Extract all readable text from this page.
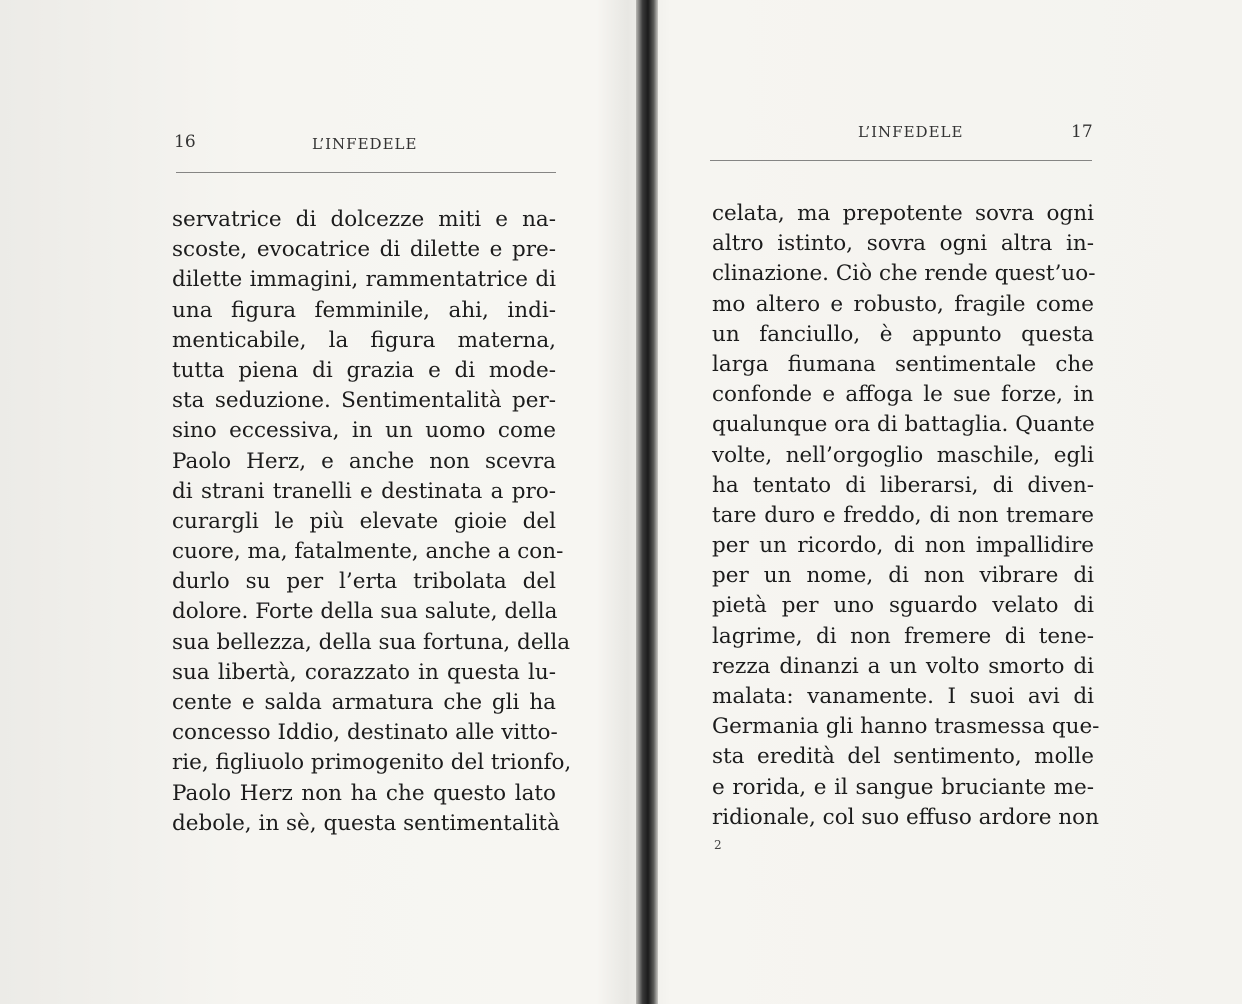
16	L’INFEDELE
servatrice di dolcezze miti e na-
scoste, evocatrice di dilette e pre-
dilette immagini, rammentatrice di
una figura femminile, ahi, indi-
menticabile, la figura materna,
tutta piena di grazia e di mode-
sta seduzione. Sentimentalità per-
sino eccessiva, in un uomo come
Paolo Herz, e anche non scevra
di strani tranelli e destinata a pro-
curargli le più elevate gioie del
cuore, ma, fatalmente, anche a con-
durlo su per l’erta tribolata del
dolore. Forte della sua salute, della
sua bellezza, della sua fortuna, della
sua libertà, corazzato in questa lu-
cente e salda armatura che gli ha
concesso Iddio, destinato alle vitto-
rie, figliuolo primogenito del trionfo,
Paolo Herz non ha che questo lato
debole, in sè, questa sentimentalità
L’INFEDELE	17
celata, ma prepotente sovra ogni
altro istinto, sovra ogni altra in-
clinazione. Ciò che rende quest’uo-
mo altero e robusto, fragile come
un fanciullo, è appunto questa
larga fiumana sentimentale che
confonde e affoga le sue forze, in
qualunque ora di battaglia. Quante
volte, nell’orgoglio maschile, egli
ha tentato di liberarsi, di diven-
tare duro e freddo, di non tremare
per un ricordo, di non impallidire
per un nome, di non vibrare di
pietà per uno sguardo velato di
lagrime, di non fremere di tene-
rezza dinanzi a un volto smorto di
malata: vanamente. I suoi avi di
Germania gli hanno trasmessa que-
sta eredità del sentimento, molle
e rorida, e il sangue bruciante me-
ridionale, col suo effuso ardore non
2
